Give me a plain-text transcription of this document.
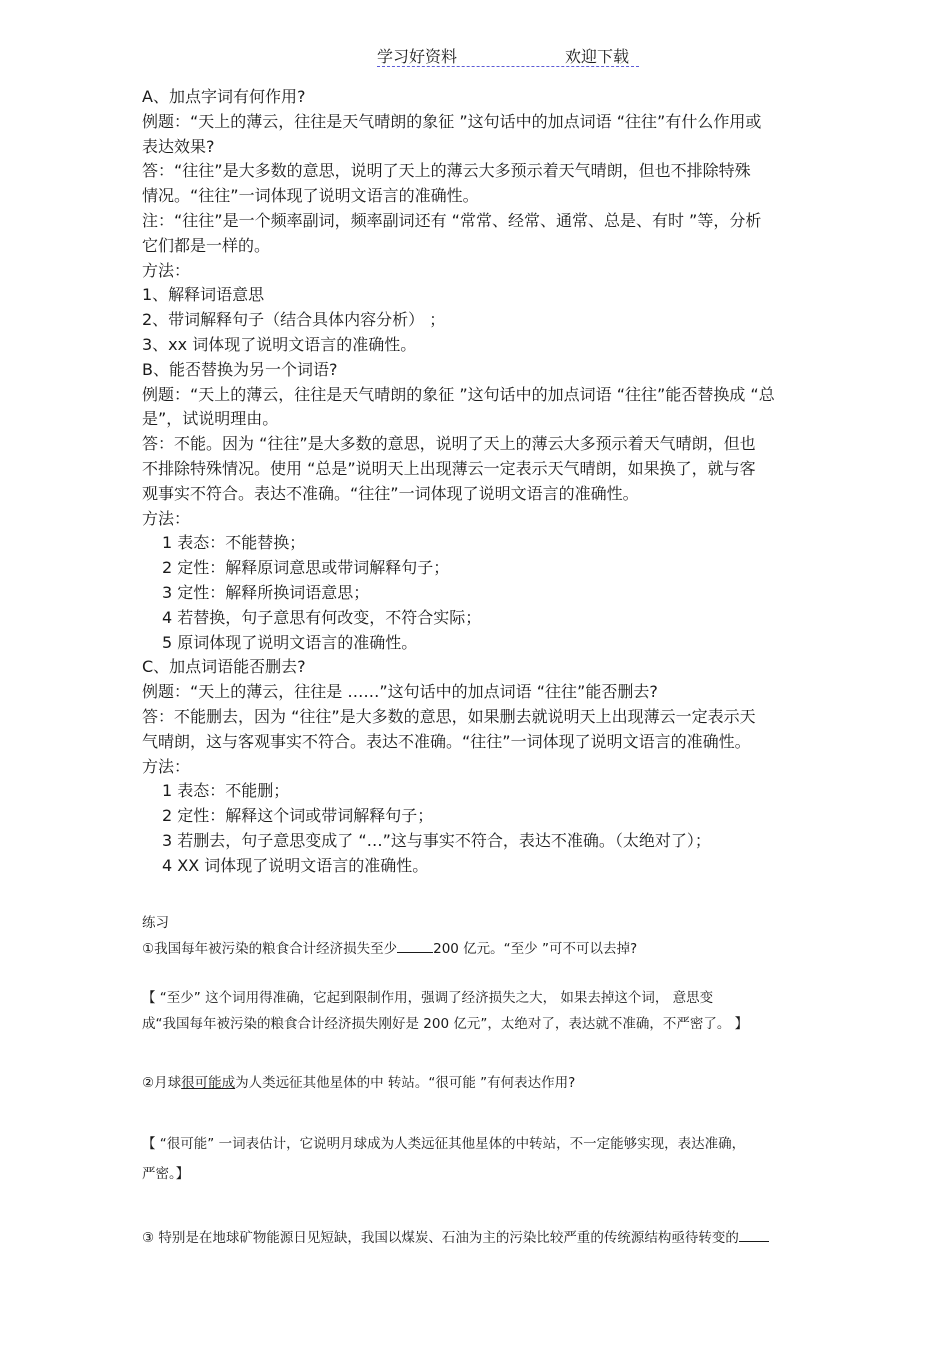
学习好资料	欢迎下载

A、加点字词有何作用?

例题：“天上的薄云，往往是天气晴朗的象征 ”这句话中的加点词语 “往往”有什么作用或

表达效果?

答：“往往”是大多数的意思，说明了天上的薄云大多预示着天气晴朗，但也不排除特殊

情况。“往往”一词体现了说明文语言的准确性。

注：“往往”是一个频率副词，频率副词还有 “常常、经常、通常、总是、有时 ”等，分析

它们都是一样的。

方法：

1、解释词语意思

2、带词解释句子（结合具体内容分析） ；

3、xx 词体现了说明文语言的准确性。

B、能否替换为另一个词语?

例题：“天上的薄云，往往是天气晴朗的象征 ”这句话中的加点词语 “往往”能否替换成 “总

是”，试说明理由。

答：不能。因为 “往往”是大多数的意思，说明了天上的薄云大多预示着天气晴朗，但也

不排除特殊情况。使用 “总是”说明天上出现薄云一定表示天气晴朗，如果换了，就与客

观事实不符合。表达不准确。“往往”一词体现了说明文语言的准确性。

方法：

1 表态：不能替换；

2 定性：解释原词意思或带词解释句子；

3 定性：解释所换词语意思；

4 若替换，句子意思有何改变，不符合实际；

5 原词体现了说明文语言的准确性。

C、加点词语能否删去?

例题：“天上的薄云，往往是 ……”这句话中的加点词语 “往往”能否删去?

答：不能删去，因为 “往往”是大多数的意思，如果删去就说明天上出现薄云一定表示天

气晴朗，这与客观事实不符合。表达不准确。“往往”一词体现了说明文语言的准确性。

方法：

1 表态：不能删；

2 定性：解释这个词或带词解释句子；

3 若删去，句子意思变成了 “…”这与事实不符合，表达不准确。（太绝对了）；

4 XX 词体现了说明文语言的准确性。

练习

①我国每年被污染的粮食合计经济损失至少	200 亿元。“至少 ”可不可以去掉?

【 “至少” 这个词用得准确，它起到限制作用，强调了经济损失之大， 如果去掉这个词， 意思变

成“我国每年被污染的粮食合计经济损失刚好是 200 亿元”，太绝对了，表达就不准确，不严密了。 】

②月球很可能成为人类远征其他星体的中 转站。“很可能 ”有何表达作用?

【 “很可能” 一词表估计，它说明月球成为人类远征其他星体的中转站，不一定能够实现，表达准确，

严密。】

③ 特别是在地球矿物能源日见短缺，我国以煤炭、石油为主的污染比较严重的传统源结构亟待转变的
